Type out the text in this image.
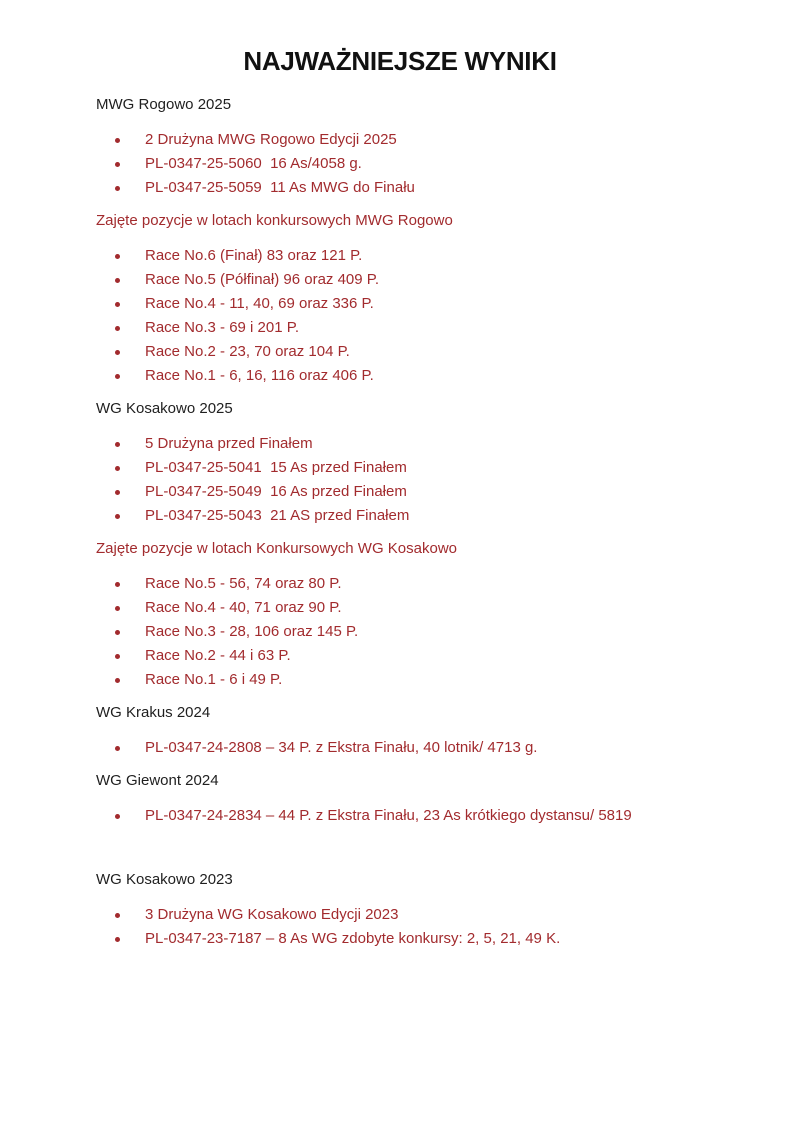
NAJWAŻNIEJSZE WYNIKI

MWG Rogowo 2025

2 Drużyna MWG Rogowo Edycji 2025
PL-0347-25-5060  16 As/4058 g.
PL-0347-25-5059  11 As MWG do Finału

Zajęte pozycje w lotach konkursowych MWG Rogowo

Race No.6 (Finał) 83 oraz 121 P.
Race No.5 (Półfinał) 96 oraz 409 P.
Race No.4 - 11, 40, 69 oraz 336 P.
Race No.3 - 69 i 201 P.
Race No.2 - 23, 70 oraz 104 P.
Race No.1 - 6, 16, 116 oraz 406 P.

WG Kosakowo 2025

5 Drużyna przed Finałem
PL-0347-25-5041  15 As przed Finałem
PL-0347-25-5049  16 As przed Finałem
PL-0347-25-5043  21 AS przed Finałem

Zajęte pozycje w lotach Konkursowych WG Kosakowo

Race No.5 - 56, 74 oraz 80 P.
Race No.4 - 40, 71 oraz 90 P.
Race No.3 - 28, 106 oraz 145 P.
Race No.2 - 44 i 63 P.
Race No.1 - 6 i 49 P.

WG Krakus 2024

PL-0347-24-2808 – 34 P. z Ekstra Finału, 40 lotnik/ 4713 g.

WG Giewont 2024

PL-0347-24-2834 – 44 P. z Ekstra Finału, 23 As krótkiego dystansu/ 5819

WG Kosakowo 2023

3 Drużyna WG Kosakowo Edycji 2023
PL-0347-23-7187 – 8 As WG zdobyte konkursy: 2, 5, 21, 49 K.
